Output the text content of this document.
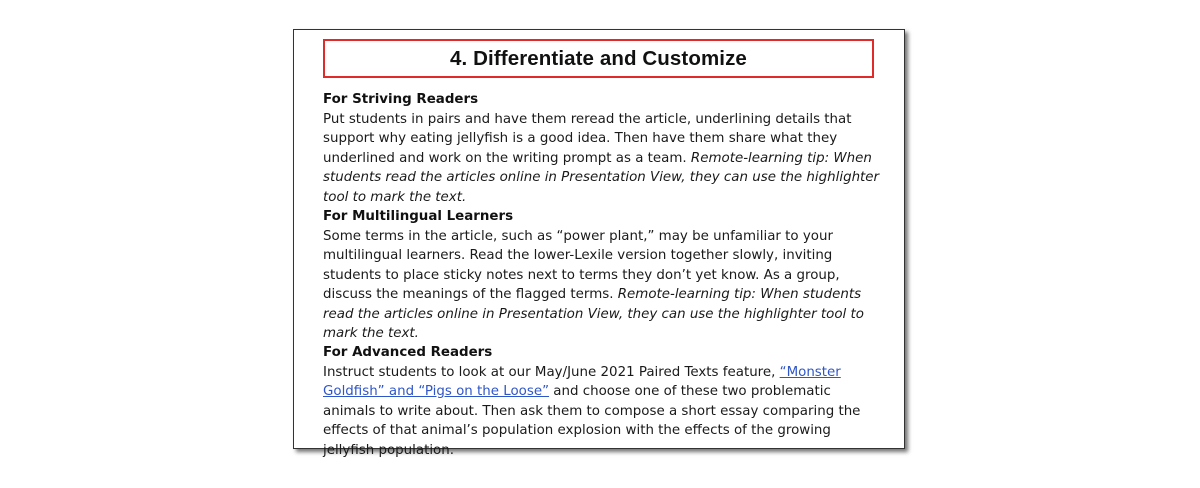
4. Differentiate and Customize
For Striving Readers

Put students in pairs and have them reread the article, underlining details that support why eating jellyfish is a good idea. Then have them share what they underlined and work on the writing prompt as a team. Remote-learning tip: When students read the articles online in Presentation View, they can use the highlighter tool to mark the text.

For Multilingual Learners

Some terms in the article, such as “power plant,” may be unfamiliar to your multilingual learners. Read the lower-Lexile version together slowly, inviting students to place sticky notes next to terms they don’t yet know. As a group, discuss the meanings of the flagged terms. Remote-learning tip: When students read the articles online in Presentation View, they can use the highlighter tool to mark the text.

For Advanced Readers

Instruct students to look at our May/June 2021 Paired Texts feature, “Monster Goldfish” and “Pigs on the Loose” and choose one of these two problematic animals to write about. Then ask them to compose a short essay comparing the effects of that animal’s population explosion with the effects of the growing jellyfish population.
